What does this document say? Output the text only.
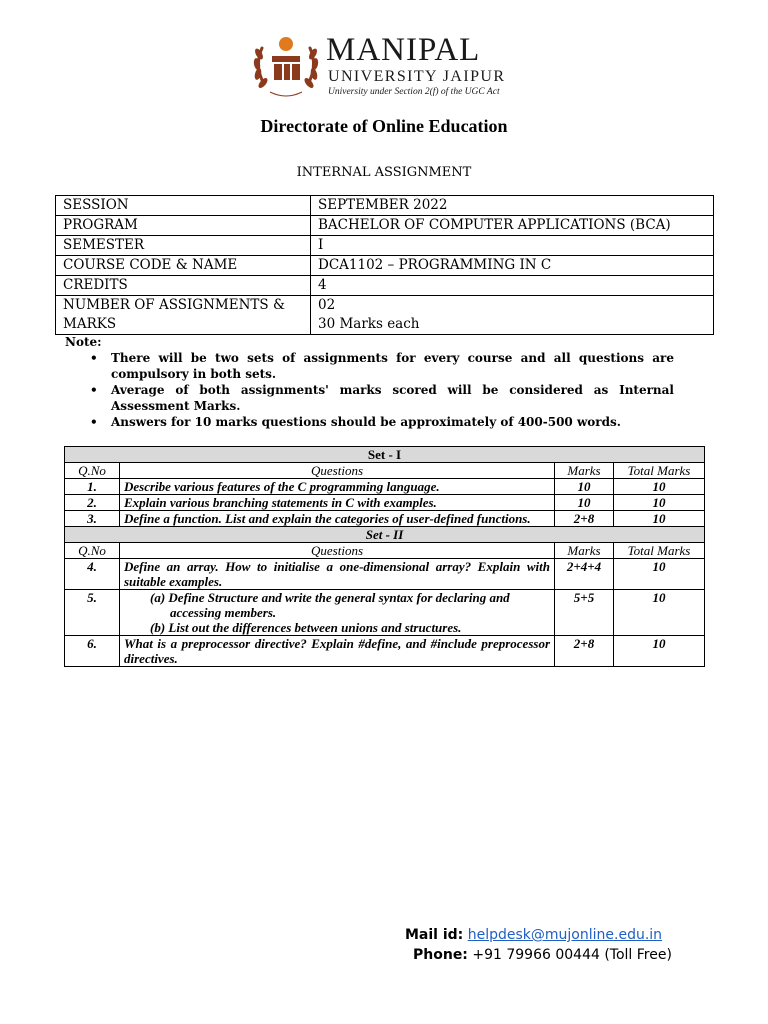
MANIPAL
UNIVERSITY JAIPUR
University under Section 2(f) of the UGC Act
Directorate of Online Education
INTERNAL ASSIGNMENT
SESSION	SEPTEMBER 2022
PROGRAM	BACHELOR OF COMPUTER APPLICATIONS (BCA)
SEMESTER	I
COURSE CODE & NAME	DCA1102 – PROGRAMMING IN C
CREDITS	4
NUMBER OF ASSIGNMENTS & MARKS	02
30 Marks each
Note:
• There will be two sets of assignments for every course and all questions are compulsory in both sets.
• Average of both assignments' marks scored will be considered as Internal Assessment Marks.
• Answers for 10 marks questions should be approximately of 400-500 words.
Set - I			
Q.No	Questions	Marks	Total Marks
1.	Describe various features of the C programming language.	10	10
2.	Explain various branching statements in C with examples.	10	10
3.	Define a function. List and explain the categories of user-defined functions.	2+8	10
Set - II			
Q.No	Questions	Marks	Total Marks
4.	Define an array. How to initialise a one-dimensional array? Explain with suitable examples.	2+4+4	10
5.	(a) Define Structure and write the general syntax for declaring and accessing members.
(b) List out the differences between unions and structures.	5+5	10
6.	What is a preprocessor directive? Explain #define, and #include preprocessor directives.	2+8	10
Mail id: helpdesk@mujonline.edu.in
Phone: +91 79966 00444 (Toll Free)
